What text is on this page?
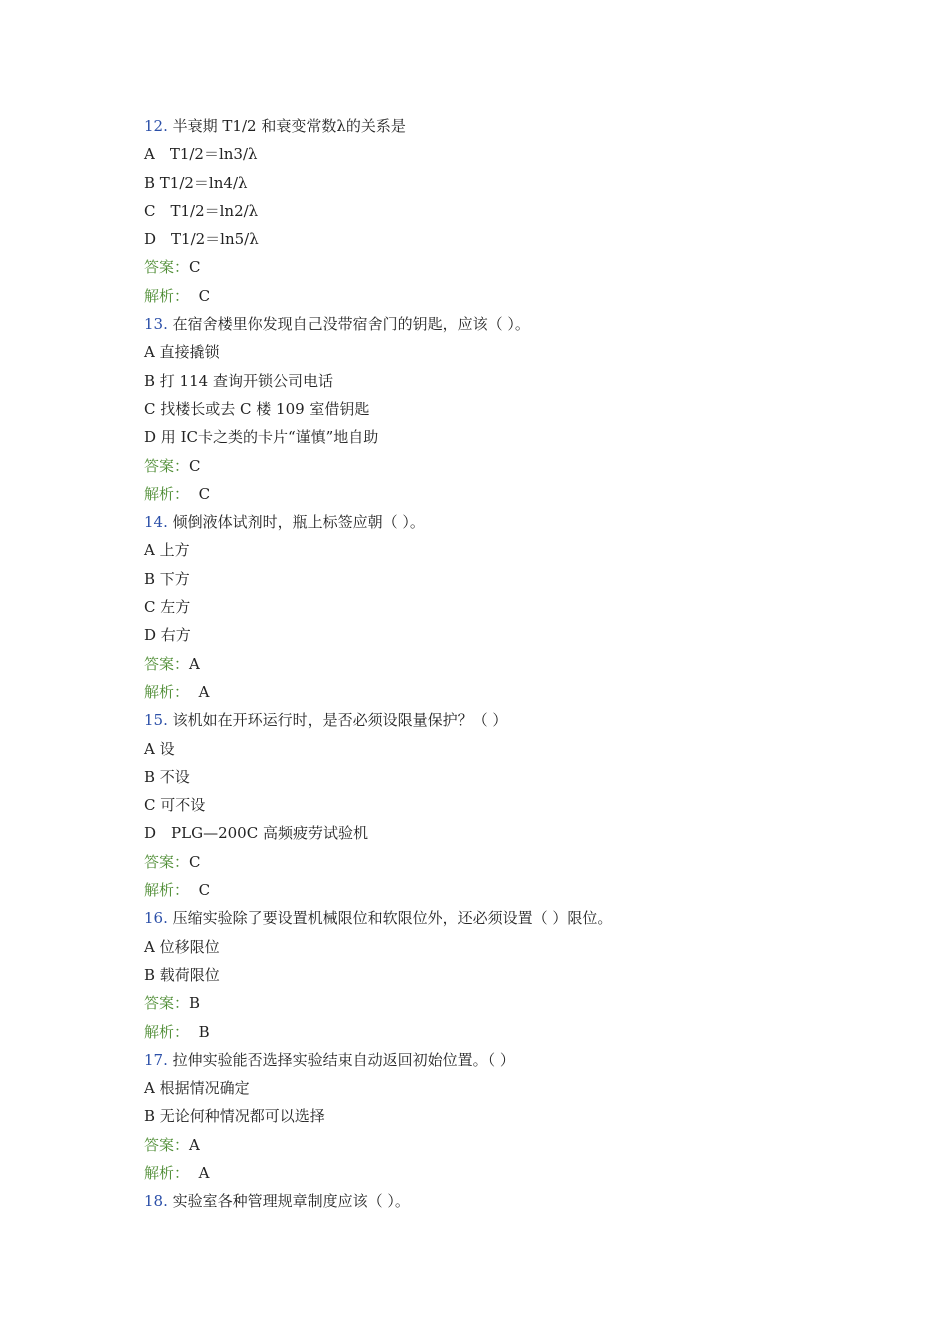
12. 半衰期 T1/2 和衰变常数λ的关系是
A　T1/2＝ln3/λ
B T1/2＝ln4/λ
C　T1/2＝ln2/λ
D　T1/2＝ln5/λ
答案：C
解析： C
13. 在宿舍楼里你发现自己没带宿舍门的钥匙，应该（ ）。
A 直接撬锁
B 打 114 查询开锁公司电话
C 找楼长或去 C 楼 109 室借钥匙
D 用 IC卡之类的卡片“谨慎”地自助
答案：C
解析： C
14. 倾倒液体试剂时，瓶上标签应朝（ ）。
A 上方
B 下方
C 左方
D 右方
答案：A
解析： A
15. 该机如在开环运行时，是否必须设限量保护？（ ）
A 设
B 不设
C 可不设
D　PLG—200C 高频疲劳试验机
答案：C
解析： C
16. 压缩实验除了要设置机械限位和软限位外，还必须设置（ ）限位。
A 位移限位
B 载荷限位
答案：B
解析： B
17. 拉伸实验能否选择实验结束自动返回初始位置。（ ）
A 根据情况确定
B 无论何种情况都可以选择
答案：A
解析： A
18. 实验室各种管理规章制度应该（ ）。
